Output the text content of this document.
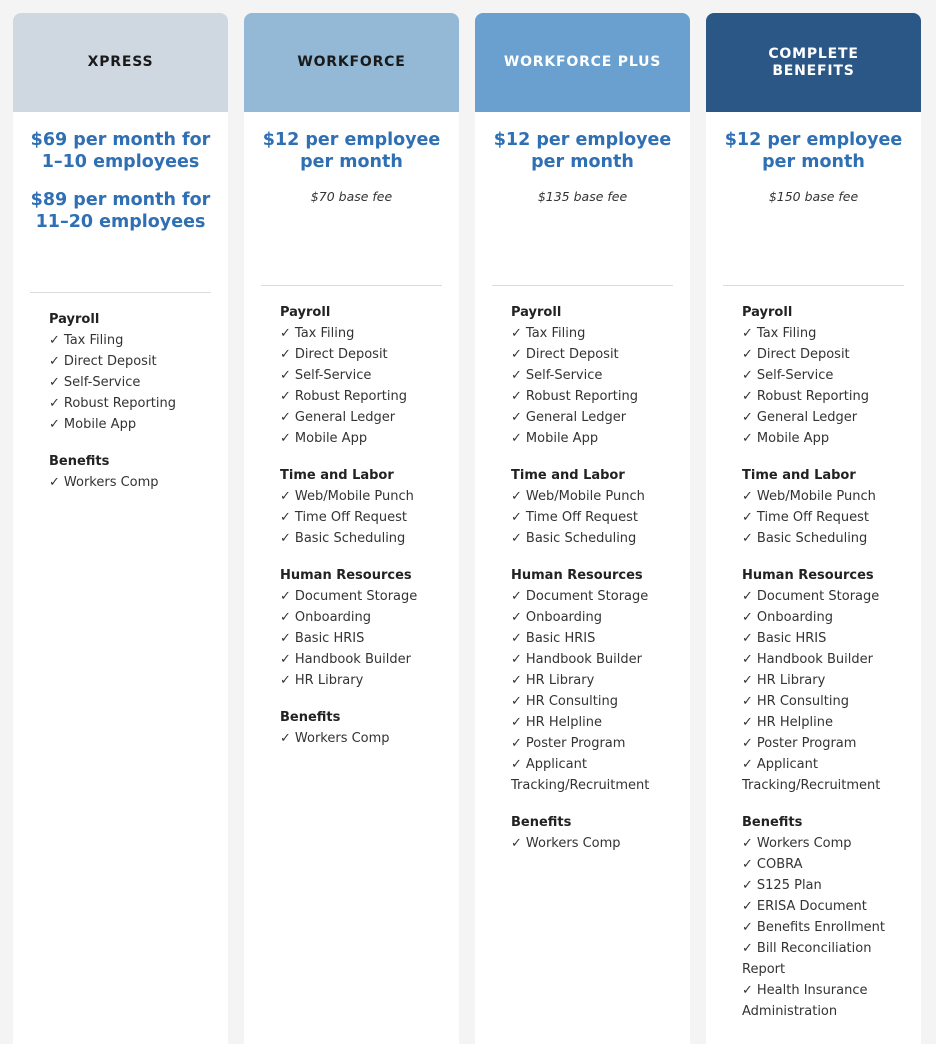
XPRESS
$69 per month for 1–10 employees
$89 per month for 11–20 employees
Payroll
✓ Tax Filing
✓ Direct Deposit
✓ Self-Service
✓ Robust Reporting
✓ Mobile App
Benefits
✓ Workers Comp
WORKFORCE
$12 per employee per month
$70 base fee
Payroll
✓ Tax Filing
✓ Direct Deposit
✓ Self-Service
✓ Robust Reporting
✓ General Ledger
✓ Mobile App
Time and Labor
✓ Web/Mobile Punch
✓ Time Off Request
✓ Basic Scheduling
Human Resources
✓ Document Storage
✓ Onboarding
✓ Basic HRIS
✓ Handbook Builder
✓ HR Library
Benefits
✓ Workers Comp
WORKFORCE PLUS
$12 per employee per month
$135 base fee
Payroll
✓ Tax Filing
✓ Direct Deposit
✓ Self-Service
✓ Robust Reporting
✓ General Ledger
✓ Mobile App
Time and Labor
✓ Web/Mobile Punch
✓ Time Off Request
✓ Basic Scheduling
Human Resources
✓ Document Storage
✓ Onboarding
✓ Basic HRIS
✓ Handbook Builder
✓ HR Library
✓ HR Consulting
✓ HR Helpline
✓ Poster Program
✓ Applicant Tracking/Recruitment
Benefits
✓ Workers Comp
COMPLETE BENEFITS
$12 per employee per month
$150 base fee
Payroll
✓ Tax Filing
✓ Direct Deposit
✓ Self-Service
✓ Robust Reporting
✓ General Ledger
✓ Mobile App
Time and Labor
✓ Web/Mobile Punch
✓ Time Off Request
✓ Basic Scheduling
Human Resources
✓ Document Storage
✓ Onboarding
✓ Basic HRIS
✓ Handbook Builder
✓ HR Library
✓ HR Consulting
✓ HR Helpline
✓ Poster Program
✓ Applicant Tracking/Recruitment
Benefits
✓ Workers Comp
✓ COBRA
✓ S125 Plan
✓ ERISA Document
✓ Benefits Enrollment
✓ Bill Reconciliation Report
✓ Health Insurance Administration
